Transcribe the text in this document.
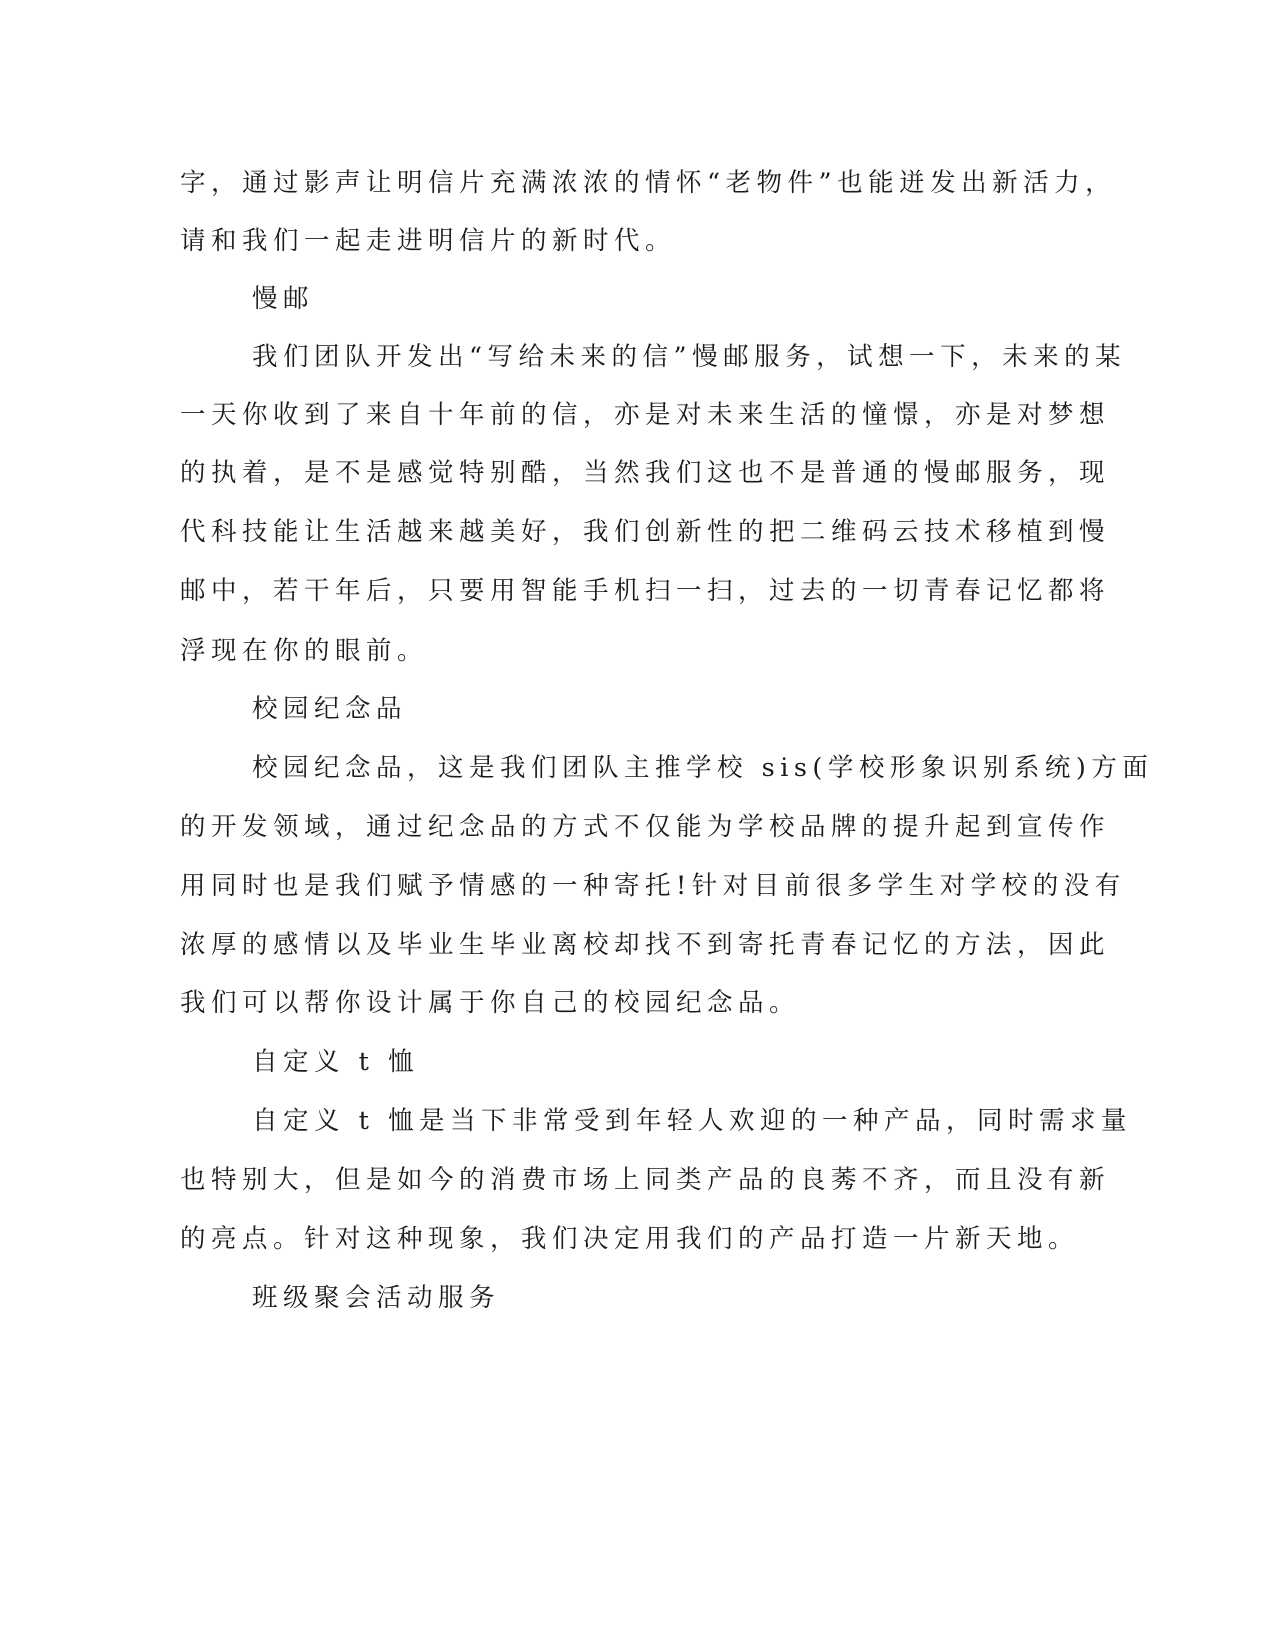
字，通过影声让明信片充满浓浓的情怀“老物件”也能迸发出新活力，

请和我们一起走进明信片的新时代。

慢邮

我们团队开发出“写给未来的信”慢邮服务，试想一下，未来的某

一天你收到了来自十年前的信，亦是对未来生活的憧憬，亦是对梦想

的执着，是不是感觉特别酷，当然我们这也不是普通的慢邮服务，现

代科技能让生活越来越美好，我们创新性的把二维码云技术移植到慢

邮中，若干年后，只要用智能手机扫一扫，过去的一切青春记忆都将

浮现在你的眼前。

校园纪念品

校园纪念品，这是我们团队主推学校 sis(学校形象识别系统)方面

的开发领域，通过纪念品的方式不仅能为学校品牌的提升起到宣传作

用同时也是我们赋予情感的一种寄托!针对目前很多学生对学校的没有

浓厚的感情以及毕业生毕业离校却找不到寄托青春记忆的方法，因此

我们可以帮你设计属于你自己的校园纪念品。

自定义 t 恤

自定义 t 恤是当下非常受到年轻人欢迎的一种产品，同时需求量

也特别大，但是如今的消费市场上同类产品的良莠不齐，而且没有新

的亮点。针对这种现象，我们决定用我们的产品打造一片新天地。

班级聚会活动服务
